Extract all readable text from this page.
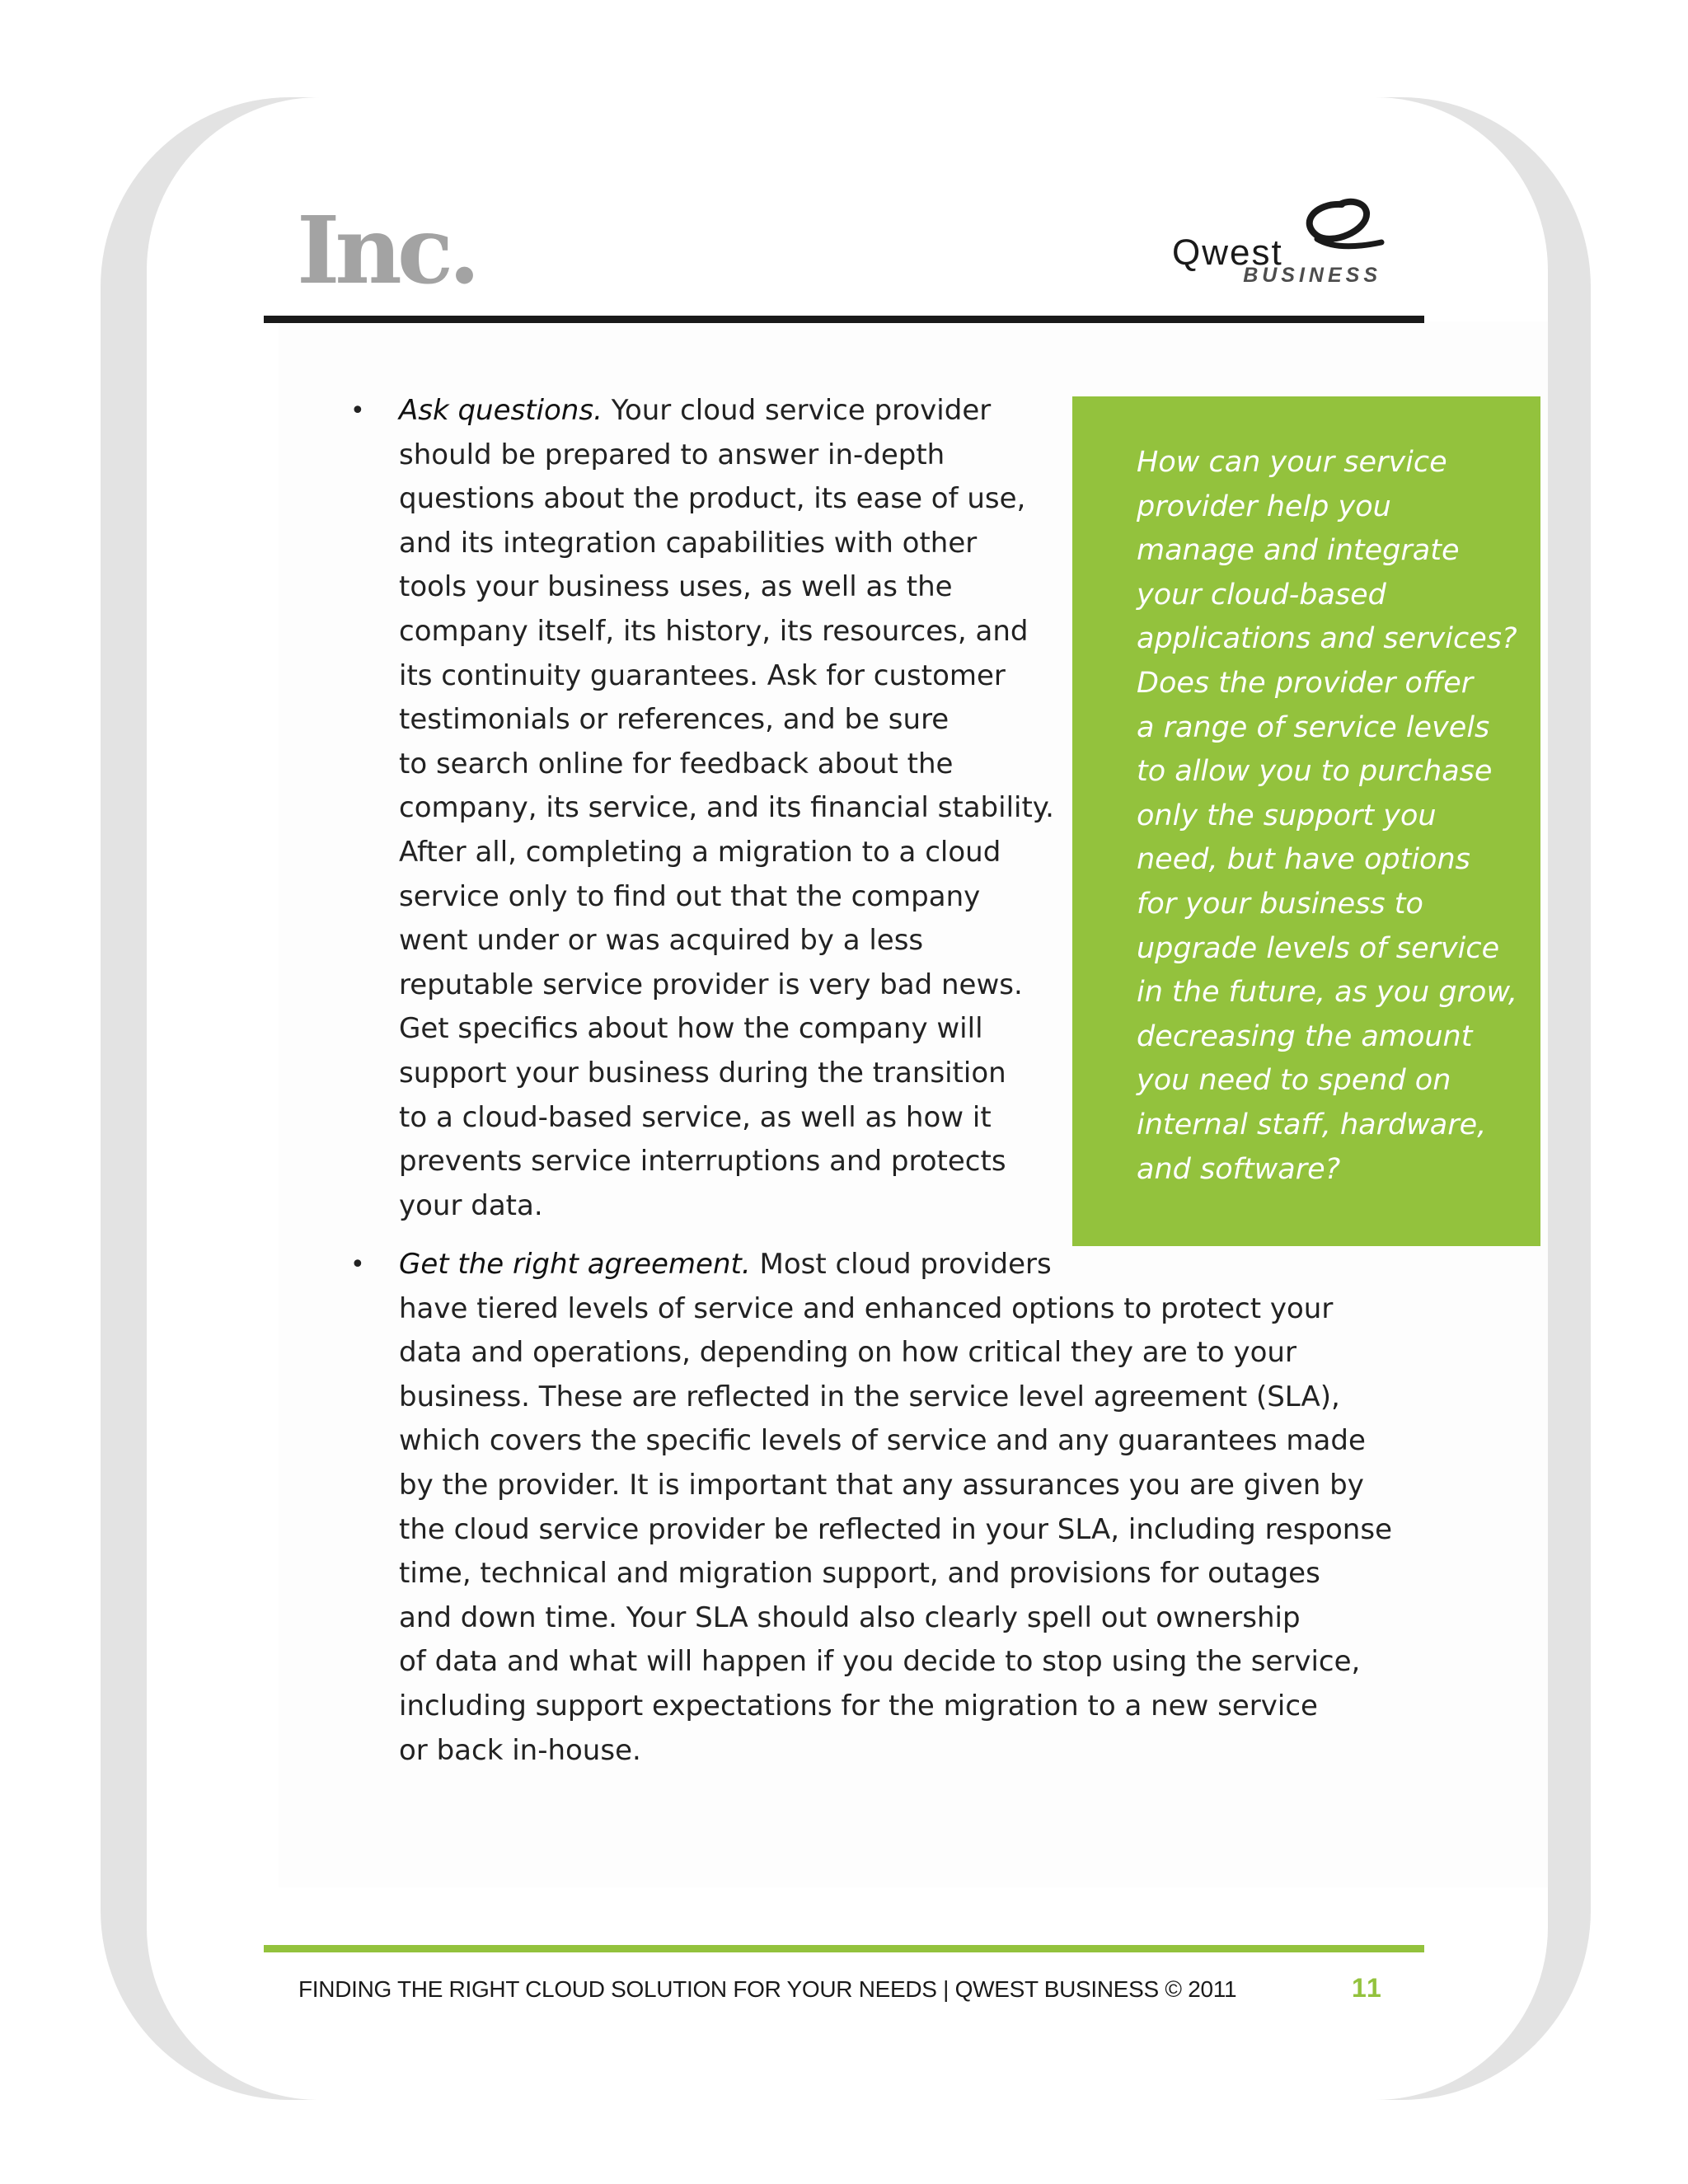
Inc.	Qwest
BUSINESS
• Ask questions. Your cloud service provider
should be prepared to answer in-depth
questions about the product, its ease of use,
and its integration capabilities with other
tools your business uses, as well as the
company itself, its history, its resources, and
its continuity guarantees. Ask for customer
testimonials or references, and be sure
to search online for feedback about the
company, its service, and its financial stability.
After all, completing a migration to a cloud
service only to find out that the company
went under or was acquired by a less
reputable service provider is very bad news.
Get specifics about how the company will
support your business during the transition
to a cloud-based service, as well as how it
prevents service interruptions and protects
your data.

How can your service
provider help you
manage and integrate
your cloud-based
applications and services?
Does the provider offer
a range of service levels
to allow you to purchase
only the support you
need, but have options
for your business to
upgrade levels of service
in the future, as you grow,
decreasing the amount
you need to spend on
internal staff, hardware,
and software?

• Get the right agreement. Most cloud providers
have tiered levels of service and enhanced options to protect your
data and operations, depending on how critical they are to your
business. These are reflected in the service level agreement (SLA),
which covers the specific levels of service and any guarantees made
by the provider. It is important that any assurances you are given by
the cloud service provider be reflected in your SLA, including response
time, technical and migration support, and provisions for outages
and down time. Your SLA should also clearly spell out ownership
of data and what will happen if you decide to stop using the service,
including support expectations for the migration to a new service
or back in-house.

FINDING THE RIGHT CLOUD SOLUTION FOR YOUR NEEDS | QWEST BUSINESS © 2011	11
